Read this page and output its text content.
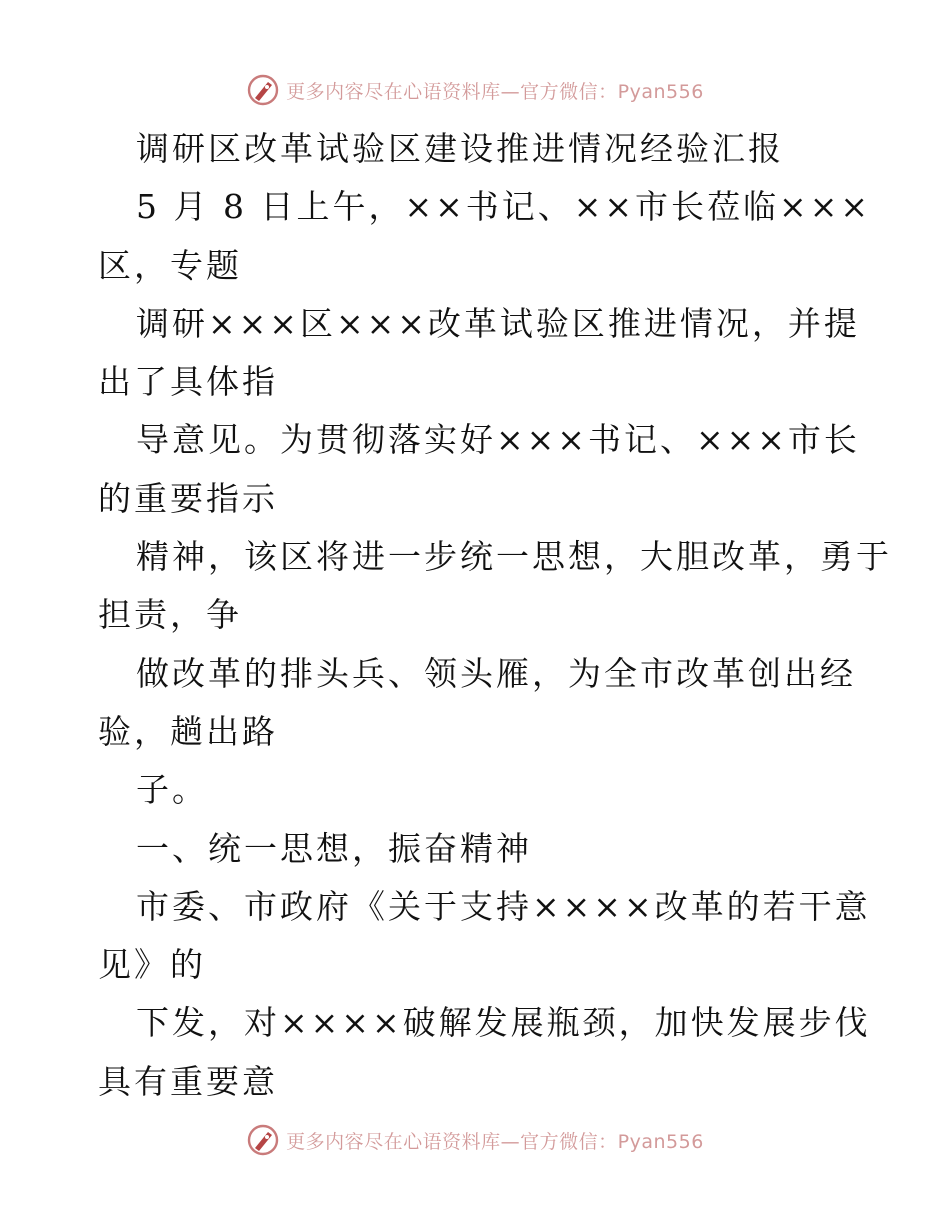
更多内容尽在心语资料库—官方微信：Pyan556
调研区改革试验区建设推进情况经验汇报
5 月 8 日上午，××书记、××市长莅临×××
区，专题
调研×××区×××改革试验区推进情况，并提
出了具体指
导意见。为贯彻落实好×××书记、×××市长
的重要指示
精神，该区将进一步统一思想，大胆改革，勇于
担责，争
做改革的排头兵、领头雁，为全市改革创出经
验，趟出路
子。
一、统一思想，振奋精神
市委、市政府《关于支持××××改革的若干意
见》的
下发，对××××破解发展瓶颈，加快发展步伐
具有重要意
更多内容尽在心语资料库—官方微信：Pyan556
